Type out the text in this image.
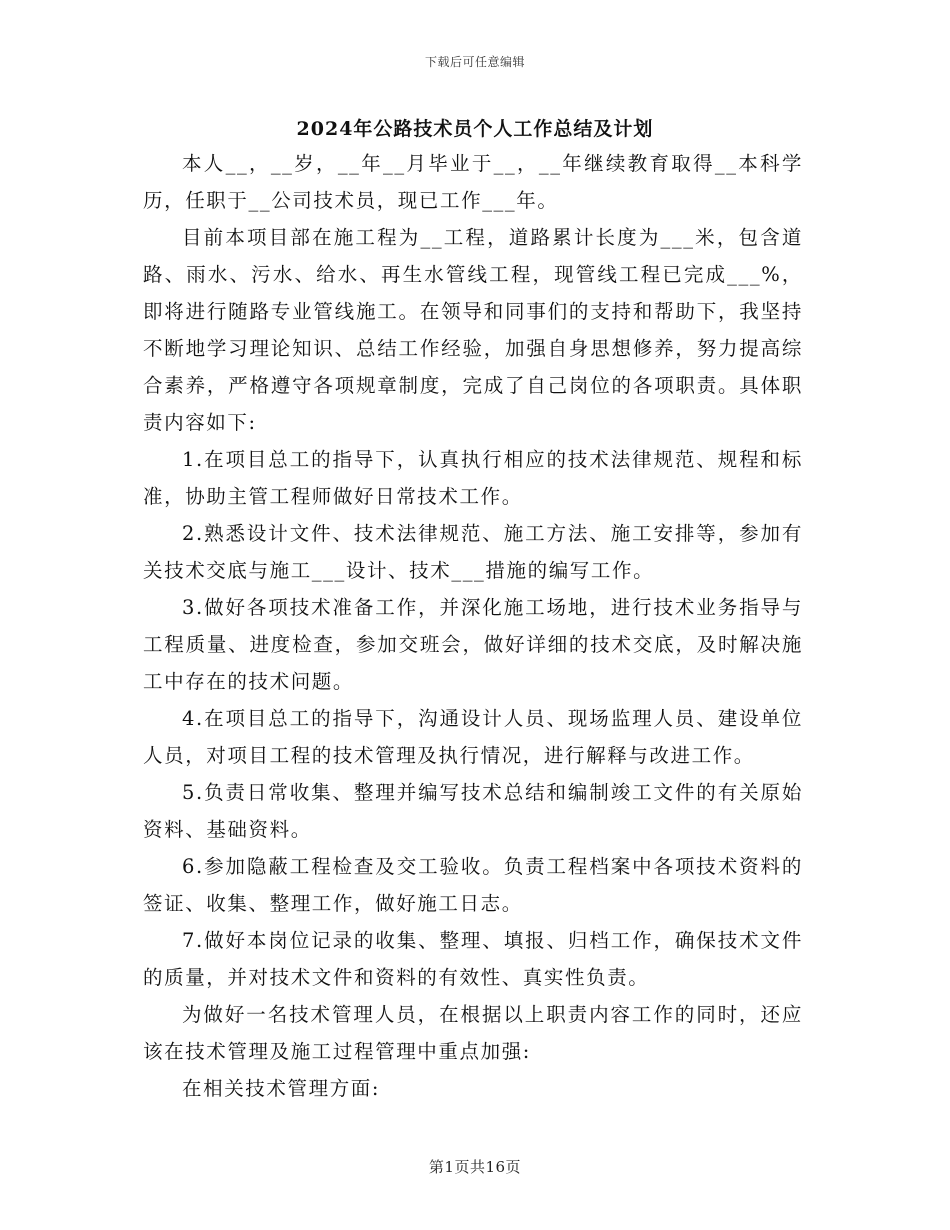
下载后可任意编辑
2024年公路技术员个人工作总结及计划

本人__，__岁，__年__月毕业于__，__年继续教育取得__本科学历，任职于__公司技术员，现已工作___年。

目前本项目部在施工程为__工程，道路累计长度为___米，包含道路、雨水、污水、给水、再生水管线工程，现管线工程已完成___%，即将进行随路专业管线施工。在领导和同事们的支持和帮助下，我坚持不断地学习理论知识、总结工作经验，加强自身思想修养，努力提高综合素养，严格遵守各项规章制度，完成了自己岗位的各项职责。具体职责内容如下:

1.在项目总工的指导下，认真执行相应的技术法律规范、规程和标准，协助主管工程师做好日常技术工作。

2.熟悉设计文件、技术法律规范、施工方法、施工安排等，参加有关技术交底与施工___设计、技术___措施的编写工作。

3.做好各项技术准备工作，并深化施工场地，进行技术业务指导与工程质量、进度检查，参加交班会，做好详细的技术交底，及时解决施工中存在的技术问题。

4.在项目总工的指导下，沟通设计人员、现场监理人员、建设单位人员，对项目工程的技术管理及执行情况，进行解释与改进工作。

5.负责日常收集、整理并编写技术总结和编制竣工文件的有关原始资料、基础资料。

6.参加隐蔽工程检查及交工验收。负责工程档案中各项技术资料的签证、收集、整理工作，做好施工日志。

7.做好本岗位记录的收集、整理、填报、归档工作，确保技术文件的质量，并对技术文件和资料的有效性、真实性负责。

为做好一名技术管理人员，在根据以上职责内容工作的同时，还应该在技术管理及施工过程管理中重点加强:

在相关技术管理方面:

第1页共16页
